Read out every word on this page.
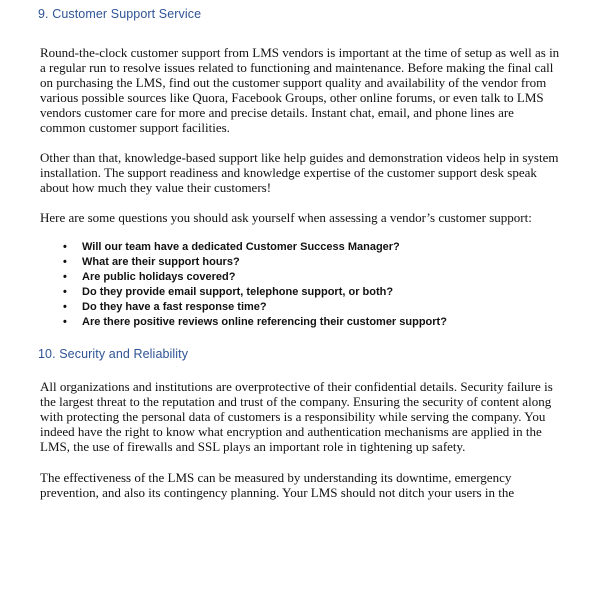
9. Customer Support Service

Round-the-clock customer support from LMS vendors is important at the time of setup as well as in a regular run to resolve issues related to functioning and maintenance. Before making the final call on purchasing the LMS, find out the customer support quality and availability of the vendor from various possible sources like Quora, Facebook Groups, other online forums, or even talk to LMS vendors customer care for more and precise details. Instant chat, email, and phone lines are common customer support facilities.

Other than that, knowledge-based support like help guides and demonstration videos help in system installation. The support readiness and knowledge expertise of the customer support desk speak about how much they value their customers!

Here are some questions you should ask yourself when assessing a vendor’s customer support:

• Will our team have a dedicated Customer Success Manager?
• What are their support hours?
• Are public holidays covered?
• Do they provide email support, telephone support, or both?
• Do they have a fast response time?
• Are there positive reviews online referencing their customer support?
10. Security and Reliability

All organizations and institutions are overprotective of their confidential details. Security failure is the largest threat to the reputation and trust of the company. Ensuring the security of content along with protecting the personal data of customers is a responsibility while serving the company. You indeed have the right to know what encryption and authentication mechanisms are applied in the LMS, the use of firewalls and SSL plays an important role in tightening up safety.

The effectiveness of the LMS can be measured by understanding its downtime, emergency prevention, and also its contingency planning. Your LMS should not ditch your users in the
